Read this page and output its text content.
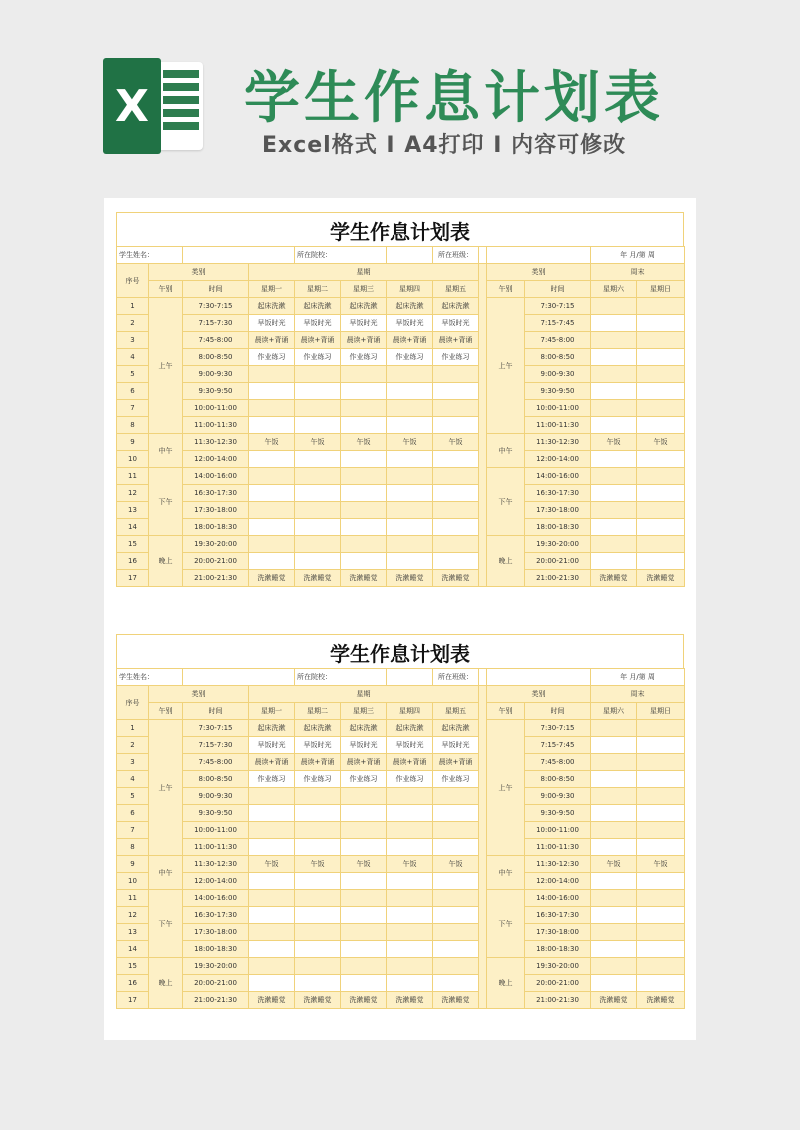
X 学生作息计划表
Excel格式 I A4打印 I 内容可修改
学生作息计划表
学生姓名：				所在院校：			所在班级：				年 月/第 周	
序号	类别		星期						类别		周末	
	午别	时间	星期一	星期二	星期三	星期四	星期五		午别	时间	星期六	星期日
1	上午	7:30-7:15	起床洗漱	起床洗漱	起床洗漱	起床洗漱	起床洗漱		上午	7:30-7:15		
2		7:15-7:30	早饭时光	早饭时光	早饭时光	早饭时光	早饭时光			7:15-7:45		
3		7:45-8:00	晨读+背诵	晨读+背诵	晨读+背诵	晨读+背诵	晨读+背诵			7:45-8:00		
4		8:00-8:50	作业练习	作业练习	作业练习	作业练习	作业练习			8:00-8:50		
5		9:00-9:30								9:00-9:30		
6		9:30-9:50								9:30-9:50		
7		10:00-11:00								10:00-11:00		
8		11:00-11:30								11:00-11:30		
9	中午	11:30-12:30	午饭	午饭	午饭	午饭	午饭		中午	11:30-12:30	午饭	午饭
10		12:00-14:00								12:00-14:00		
11	下午	14:00-16:00							下午	14:00-16:00		
12		16:30-17:30								16:30-17:30		
13		17:30-18:00								17:30-18:00		
14		18:00-18:30								18:00-18:30		
15	晚上	19:30-20:00							晚上	19:30-20:00		
16		20:00-21:00								20:00-21:00		
17		21:00-21:30	洗漱睡觉	洗漱睡觉	洗漱睡觉	洗漱睡觉	洗漱睡觉			21:00-21:30	洗漱睡觉	洗漱睡觉
学生作息计划表
学生姓名：				所在院校：			所在班级：				年 月/第 周	
序号	类别		星期						类别		周末	
	午别	时间	星期一	星期二	星期三	星期四	星期五		午别	时间	星期六	星期日
1	上午	7:30-7:15	起床洗漱	起床洗漱	起床洗漱	起床洗漱	起床洗漱		上午	7:30-7:15		
2		7:15-7:30	早饭时光	早饭时光	早饭时光	早饭时光	早饭时光			7:15-7:45		
3		7:45-8:00	晨读+背诵	晨读+背诵	晨读+背诵	晨读+背诵	晨读+背诵			7:45-8:00		
4		8:00-8:50	作业练习	作业练习	作业练习	作业练习	作业练习			8:00-8:50		
5		9:00-9:30								9:00-9:30		
6		9:30-9:50								9:30-9:50		
7		10:00-11:00								10:00-11:00		
8		11:00-11:30								11:00-11:30		
9	中午	11:30-12:30	午饭	午饭	午饭	午饭	午饭		中午	11:30-12:30	午饭	午饭
10		12:00-14:00								12:00-14:00		
11	下午	14:00-16:00							下午	14:00-16:00		
12		16:30-17:30								16:30-17:30		
13		17:30-18:00								17:30-18:00		
14		18:00-18:30								18:00-18:30		
15	晚上	19:30-20:00							晚上	19:30-20:00		
16		20:00-21:00								20:00-21:00		
17		21:00-21:30	洗漱睡觉	洗漱睡觉	洗漱睡觉	洗漱睡觉	洗漱睡觉			21:00-21:30	洗漱睡觉	洗漱睡觉
